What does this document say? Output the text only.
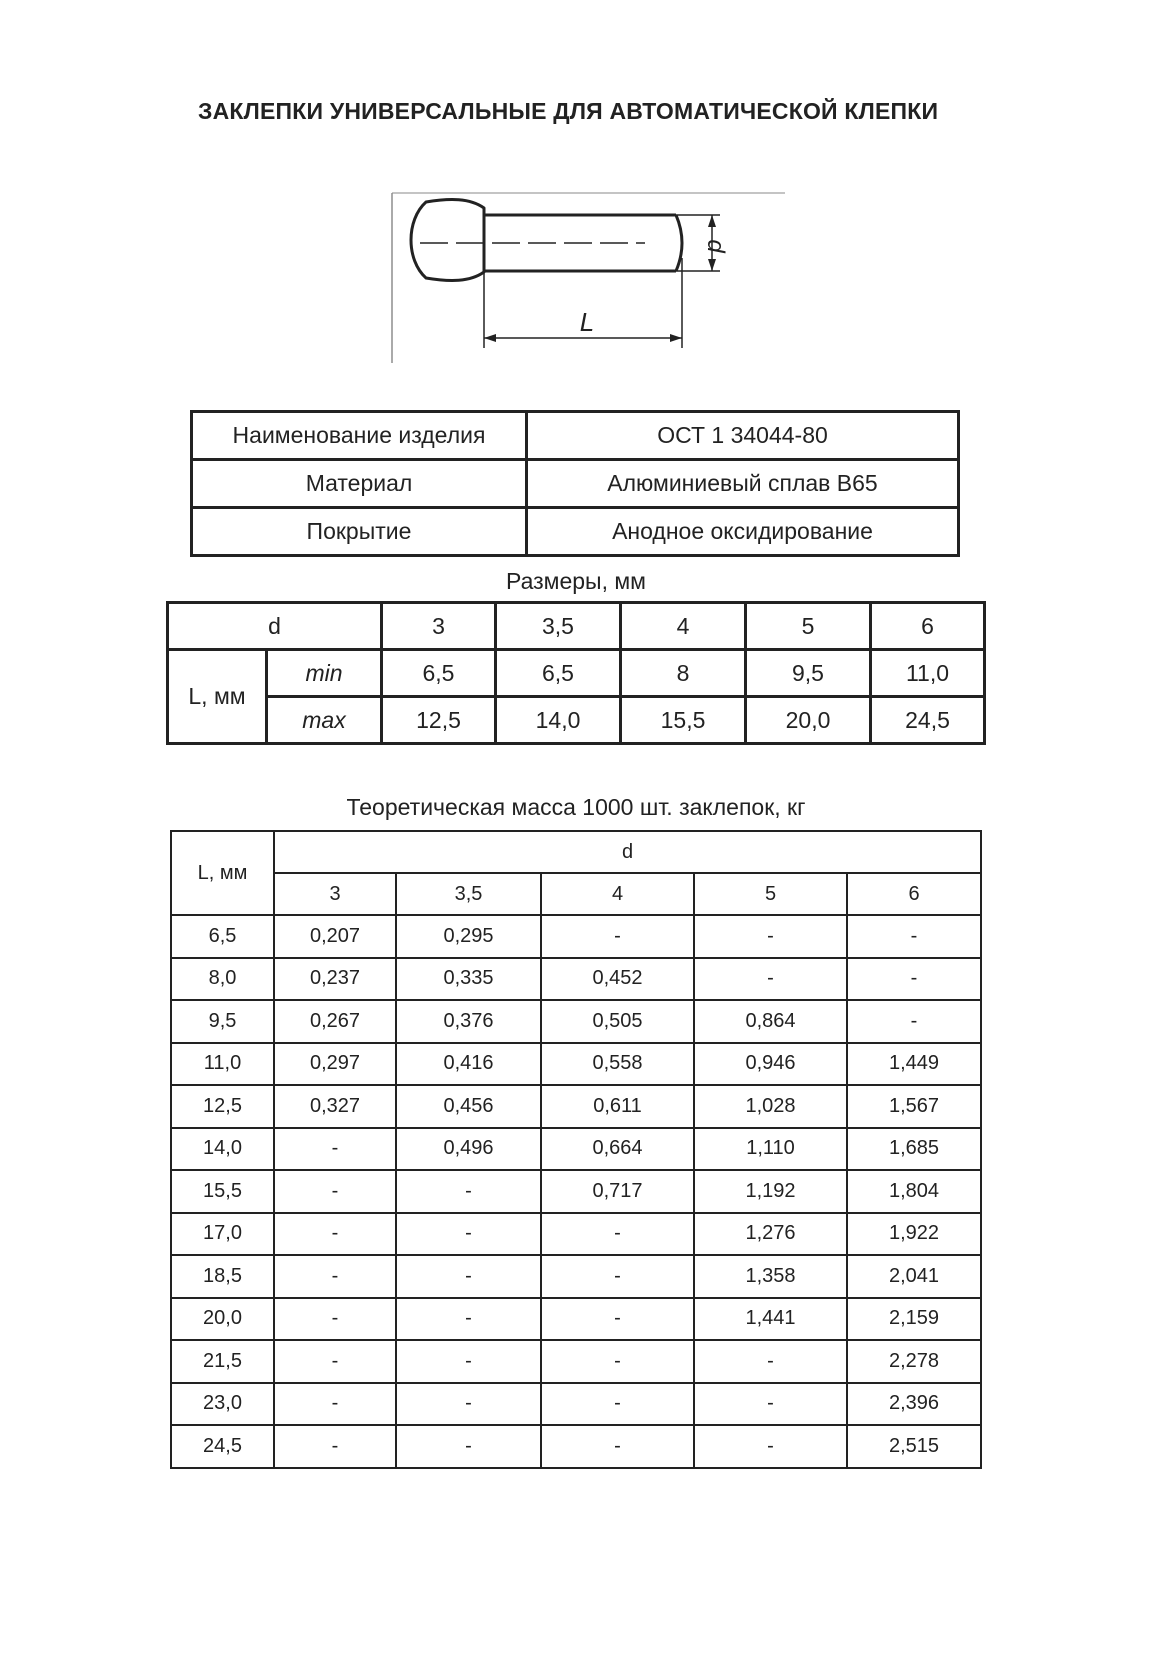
ЗАКЛЕПКИ УНИВЕРСАЛЬНЫЕ ДЛЯ АВТОМАТИЧЕСКОЙ КЛЕПКИ
d
L
Наименование изделия	ОСТ 1 34044-80
Материал	Алюминиевый сплав В65
Покрытие	Анодное оксидирование
Размеры, мм
d		3	3,5	4	5	6
L, мм	min	6,5	6,5	8	9,5	11,0
	max	12,5	14,0	15,5	20,0	24,5
Теоретическая масса 1000 шт. заклепок, кг
L, мм	d				
	3	3,5	4	5	6
6,5	0,207	0,295	-	-	-
8,0	0,237	0,335	0,452	-	-
9,5	0,267	0,376	0,505	0,864	-
11,0	0,297	0,416	0,558	0,946	1,449
12,5	0,327	0,456	0,611	1,028	1,567
14,0	-	0,496	0,664	1,110	1,685
15,5	-	-	0,717	1,192	1,804
17,0	-	-	-	1,276	1,922
18,5	-	-	-	1,358	2,041
20,0	-	-	-	1,441	2,159
21,5	-	-	-	-	2,278
23,0	-	-	-	-	2,396
24,5	-	-	-	-	2,515
